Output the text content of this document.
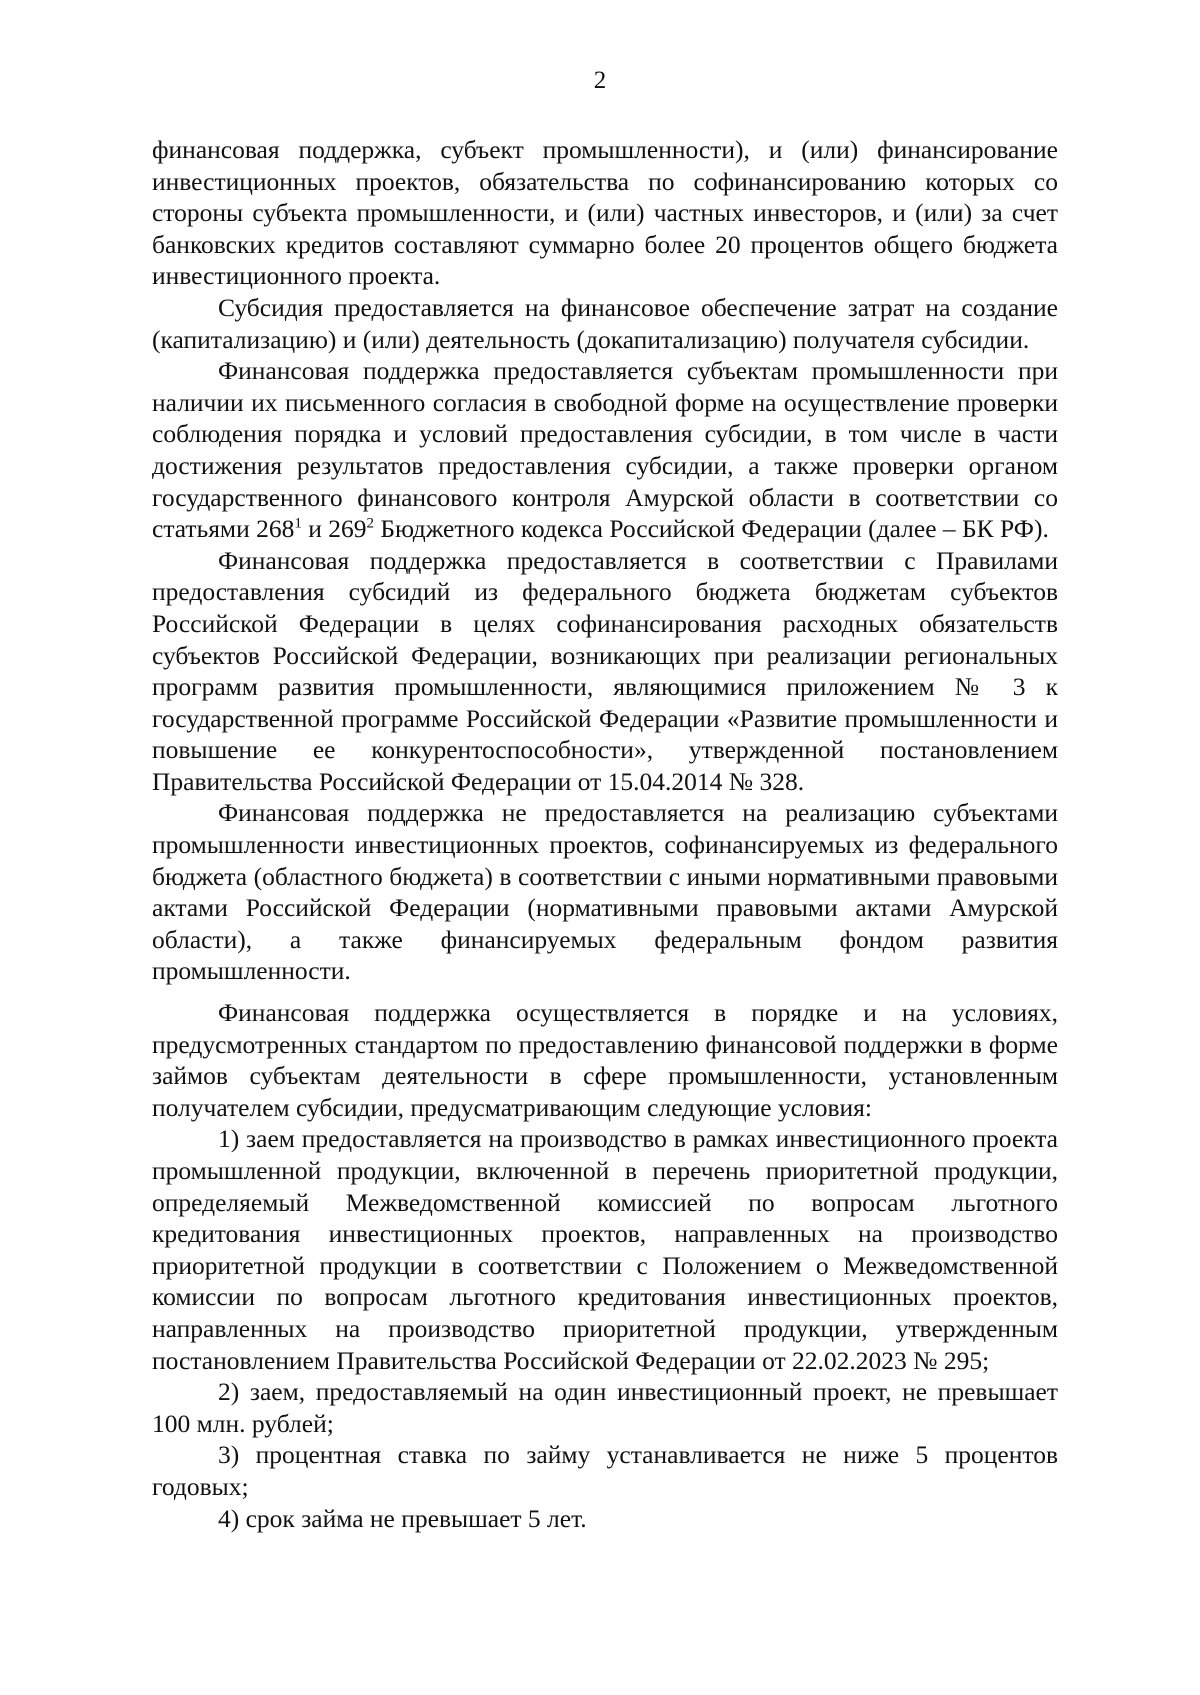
2

финансовая поддержка, субъект промышленности), и (или) финансирование инвестиционных проектов, обязательства по софинансированию которых со стороны субъекта промышленности, и (или) частных инвесторов, и (или) за счет банковских кредитов составляют суммарно более 20 процентов общего бюджета инвестиционного проекта.

Субсидия предоставляется на финансовое обеспечение затрат на создание (капитализацию) и (или) деятельность (докапитализацию) получателя субсидии.

Финансовая поддержка предоставляется субъектам промышленности при наличии их письменного согласия в свободной форме на осуществление проверки соблюдения порядка и условий предоставления субсидии, в том числе в части достижения результатов предоставления субсидии, а также проверки органом государственного финансового контроля Амурской области в соответствии со статьями $268^1$ и $269^2$ Бюджетного кодекса Российской Федерации (далее – БК РФ).

Финансовая поддержка предоставляется в соответствии с Правилами предоставления субсидий из федерального бюджета бюджетам субъектов Российской Федерации в целях софинансирования расходных обязательств субъектов Российской Федерации, возникающих при реализации региональных программ развития промышленности, являющимися приложением № 3 к государственной программе Российской Федерации «Развитие промышленности и повышение ее конкурентоспособности», утвержденной постановлением Правительства Российской Федерации от 15.04.2014 № 328.

Финансовая поддержка не предоставляется на реализацию субъектами промышленности инвестиционных проектов, софинансируемых из федерального бюджета (областного бюджета) в соответствии с иными нормативными правовыми актами Российской Федерации (нормативными правовыми актами Амурской области), а также финансируемых федеральным фондом развития промышленности.

Финансовая поддержка осуществляется в порядке и на условиях, предусмотренных стандартом по предоставлению финансовой поддержки в форме займов субъектам деятельности в сфере промышленности, установленным получателем субсидии, предусматривающим следующие условия:

1) заем предоставляется на производство в рамках инвестиционного проекта промышленной продукции, включенной в перечень приоритетной продукции, определяемый Межведомственной комиссией по вопросам льготного кредитования инвестиционных проектов, направленных на производство приоритетной продукции в соответствии с Положением о Межведомственной комиссии по вопросам льготного кредитования инвестиционных проектов, направленных на производство приоритетной продукции, утвержденным постановлением Правительства Российской Федерации от 22.02.2023 № 295;

2) заем, предоставляемый на один инвестиционный проект, не превышает 100 млн. рублей;

3) процентная ставка по займу устанавливается не ниже 5 процентов годовых;

4) срок займа не превышает 5 лет.
